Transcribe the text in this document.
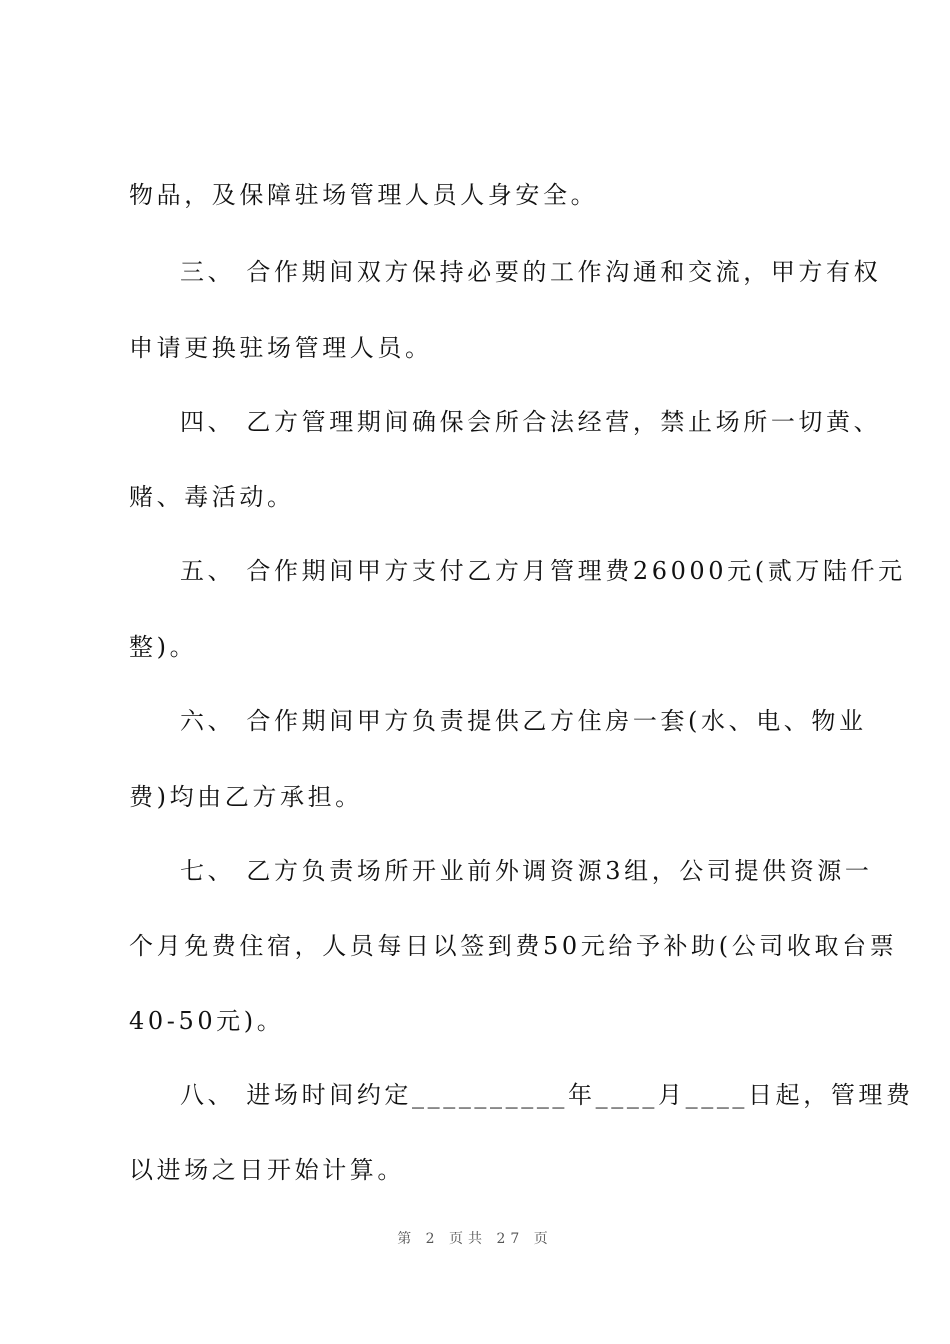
物品，及保障驻场管理人员人身安全。
三、 合作期间双方保持必要的工作沟通和交流，甲方有权
申请更换驻场管理人员。
四、 乙方管理期间确保会所合法经营，禁止场所一切黄、
赌、毒活动。
五、 合作期间甲方支付乙方月管理费26000元(贰万陆仟元
整)。
六、 合作期间甲方负责提供乙方住房一套(水、电、物业
费)均由乙方承担。
七、 乙方负责场所开业前外调资源3组，公司提供资源一
个月免费住宿，人员每日以签到费50元给予补助(公司收取台票
40-50元)。
八、 进场时间约定__________年____月____日起，管理费
以进场之日开始计算。
第 2 页共 27 页
